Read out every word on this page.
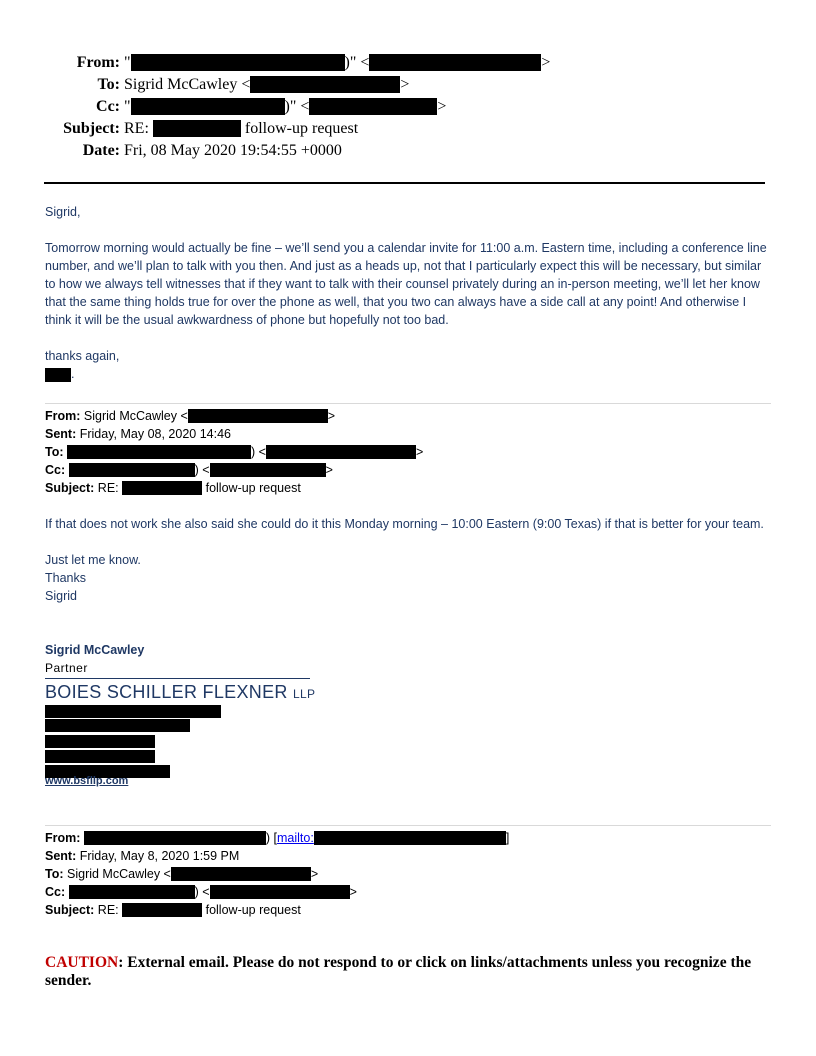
From: "	)" <	>
To: Sigrid McCawley <	>
Cc: "	)" <	>
Subject: RE:	follow-up request
Date: Fri, 08 May 2020 19:54:55 +0000
Sigrid,
Tomorrow morning would actually be fine – we’ll send you a calendar invite for 11:00 a.m. Eastern time, including a conference line number, and we’ll plan to talk with you then. And just as a heads up, not that I particularly expect this will be necessary, but similar to how we always tell witnesses that if they want to talk with their counsel privately during an in-person meeting, we’ll let her know that the same thing holds true for over the phone as well, that you two can always have a side call at any point! And otherwise I think it will be the usual awkwardness of phone but hopefully not too bad.
thanks again,
.
From: Sigrid McCawley <	>
Sent: Friday, May 08, 2020 14:46
To:	) <	>
Cc:	) <	>
Subject: RE:	follow-up request
If that does not work she also said she could do it this Monday morning – 10:00 Eastern (9:00 Texas) if that is better for your team.
Just let me know.
Thanks
Sigrid
Sigrid McCawley
Partner
BOIES SCHILLER FLEXNER LLP
www.bsfllp.com
From:	) [mailto:	]
Sent: Friday, May 8, 2020 1:59 PM
To: Sigrid McCawley <	>
Cc:	) <	>
Subject: RE:	follow-up request
CAUTION: External email. Please do not respond to or click on links/attachments unless you recognize the sender.
